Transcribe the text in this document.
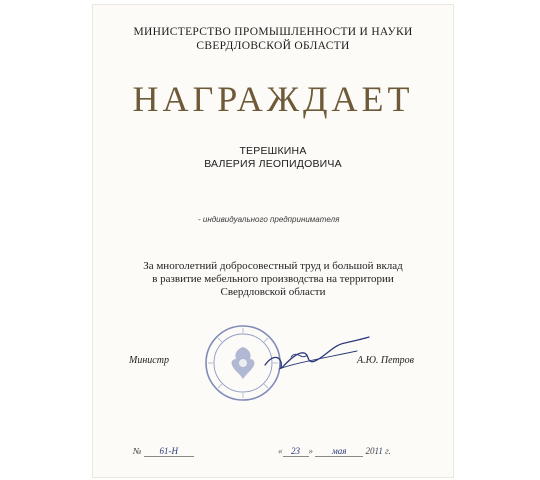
МИНИСТЕРСТВО ПРОМЫШЛЕННОСТИ И НАУКИ
СВЕРДЛОВСКОЙ ОБЛАСТИ
НАГРАЖДАЕТ
ТЕРЕШКИНА
ВАЛЕРИЯ ЛЕОПИДОВИЧА
- индивидуального предпринимателя
За многолетний добросовестный труд и большой вклад
в развитие мебельного производства на территории
Свердловской области
Министр	А.Ю. Петров
№ 61-Н	« 23 » мая 2011 г.
